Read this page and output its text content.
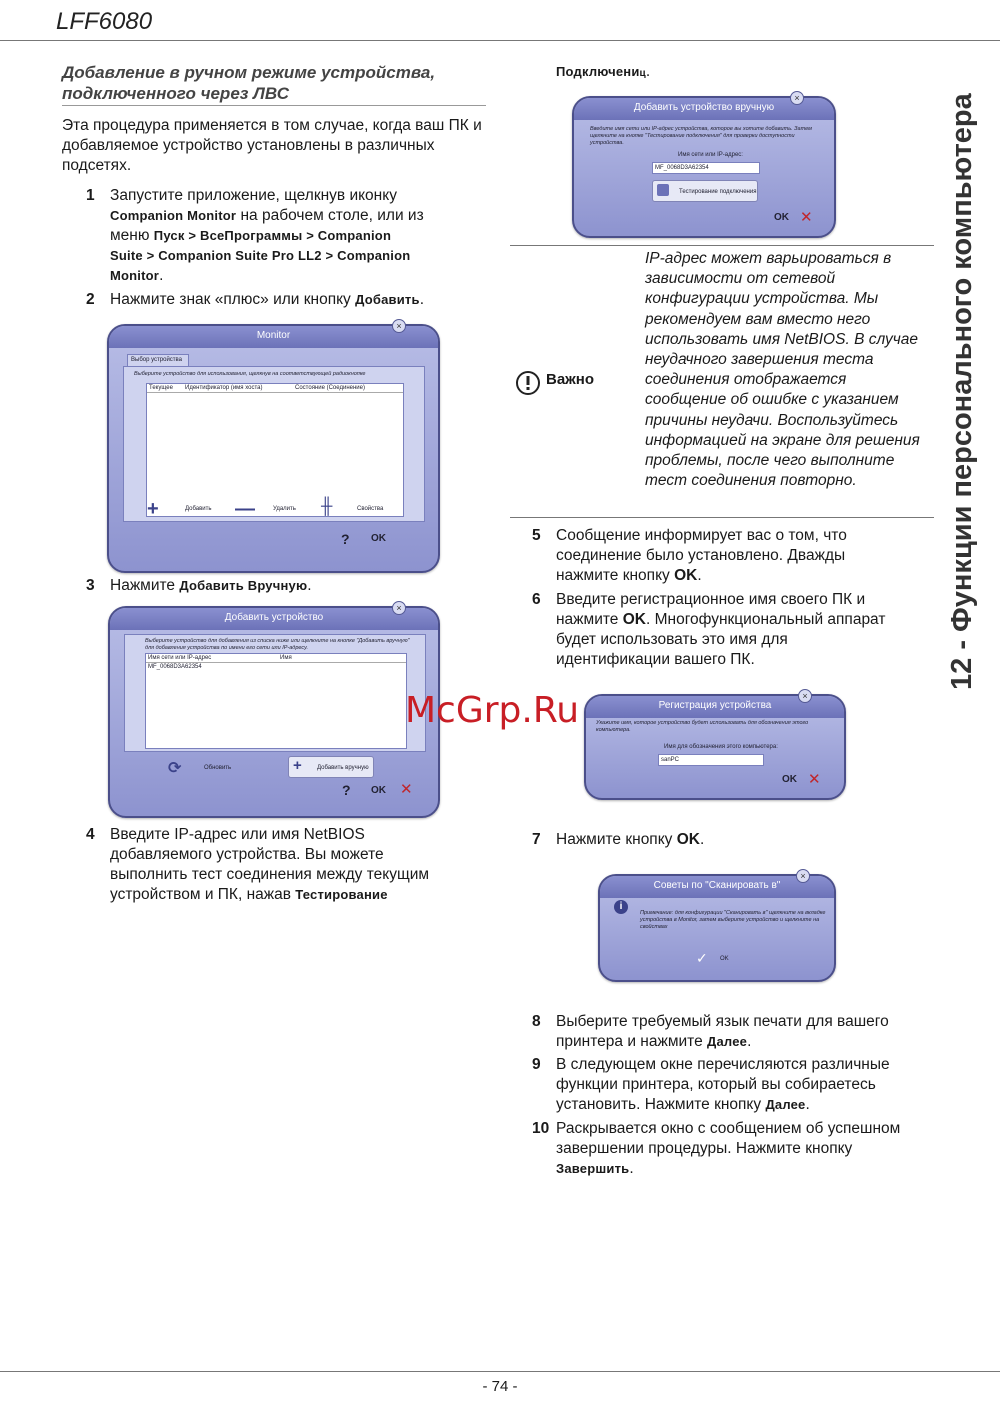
LFF6080
12 - Функции персонального компьютера
Добавление в ручном режиме устройства, подключенного через ЛВС
Эта процедура применяется в том случае, когда ваш ПК и добавляемое устройство установлены в различных подсетях.
1 Запустите приложение, щелкнув иконку
Companion Monitor на рабочем столе, или из
меню Пуск > ВсеПрограммы > Companion
Suite > Companion Suite Pro LL2 > Companion
Monitor.
2 Нажмите знак «плюс» или кнопку Добавить.
Monitor
×
Выбор устройства
Выберите устройство для использования, щелкнув на соответствующей радиокнопке
Текущее Идентификатор (имя хоста)	Состояние (Соединение)
+	Добавить —	Удалить ╫	Свойства
? OK
3 Нажмите Добавить Вручную.
Добавить устройство
×
Выберите устройство для добавления из списка ниже или щелкните на кнопке "Добавить вручную" для добавления устройства по имени его сети или IP-адресу.
Имя сети или IP-адрес	Имя
MF_0068D3A62354
⟳	Обновить	+	Добавить вручную
? OK ✕
4 Введите IP-адрес или имя NetBIOS
добавляемого устройства. Вы можете
выполнить тест соединения между текущим
устройством и ПК, нажав Тестирование
Подключениц.
Добавить устройство вручную
×
Введите имя сети или IP-адрес устройства, которое вы хотите добавить. Затем щелкните на кнопке "Тестирование подключения" для проверки доступности устройства.
Имя сети или IP-адрес:
MF_0068D3A62354
Тестирование подключения
OK ✕
Важно
IP-адрес может варьироваться в зависимости от сетевой конфигурации устройства. Мы рекомендуем вам вместо него использовать имя NetBIOS. В случае неудачного завершения теста соединения отображается сообщение об ошибке с указанием причины неудачи. Воспользуйтесь информацией на экране для решения проблемы, после чего выполните тест соединения повторно.
5 Сообщение информирует вас о том, что
соединение было установлено. Дважды
нажмите кнопку OK.
6 Введите регистрационное имя своего ПК и
нажмите OK. Многофункциональный аппарат
будет использовать это имя для
идентификации вашего ПК.
Регистрация устройства
×
Укажите имя, которое устройство будет использовать для обозначения этого компьютера.
Имя для обозначения этого компьютера:
sanPC
OK ✕
McGrp.Ru
7 Нажмите кнопку OK.
Советы по "Сканировать в"
×
i
Примечание: для конфигурации "Сканировать в" щелкните на вкладке устройства в Monitor, затем выберите устройство и щелкните на свойствах
✓ OK
8 Выберите требуемый язык печати для вашего
принтера и нажмите Далее.
9 В следующем окне перечисляются различные
функции принтера, который вы собираетесь
установить. Нажмите кнопку Далее.
10 Раскрывается окно с сообщением об успешном
завершении процедуры. Нажмите кнопку
Завершить.
- 74 -
